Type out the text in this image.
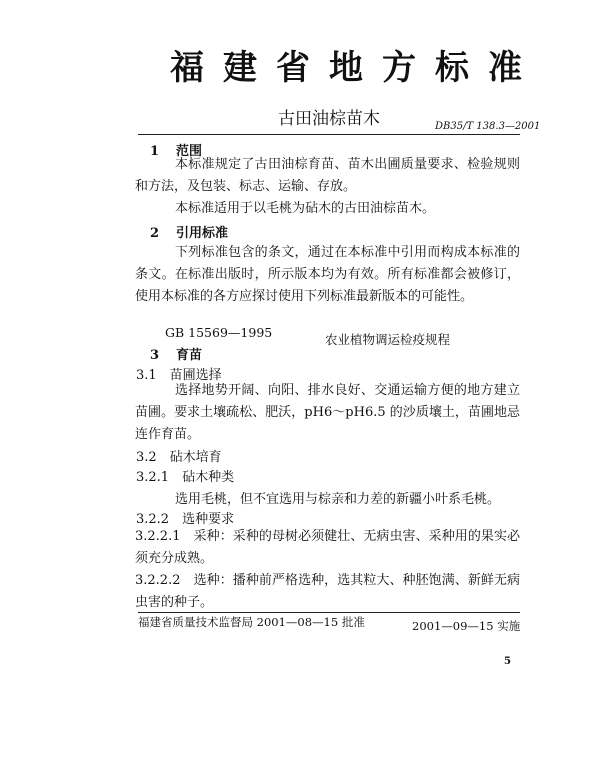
福建省地方标准
古田油棕苗木	DB35/T 138.3—2001
1 范围
本标准规定了古田油棕育苗、苗木出圃质量要求、检验规则和方法，及包装、标志、运输、存放。
本标准适用于以毛桃为砧木的古田油棕苗木。
2 引用标准
下列标准包含的条文，通过在本标准中引用而构成本标准的条文。在标准出版时，所示版本均为有效。所有标准都会被修订，使用本标准的各方应探讨使用下列标准最新版本的可能性。
GB 15569—1995	农业植物调运检疫规程
3 育苗
3.1　苗圃选择
选择地势开阔、向阳、排水良好、交通运输方便的地方建立苗圃。要求土壤疏松、肥沃，pH6～pH6.5 的沙质壤土，苗圃地忌连作育苗。
3.2　砧木培育
3.2.1　砧木种类
选用毛桃，但不宜选用与棕亲和力差的新疆小叶系毛桃。
3.2.2　选种要求
3.2.2.1　采种：采种的母树必须健壮、无病虫害、采种用的果实必须充分成熟。
3.2.2.2　选种：播种前严格选种，选其粒大、种胚饱满、新鲜无病虫害的种子。
福建省质量技术监督局 2001—08—15 批准	2001—09—15 实施
5
